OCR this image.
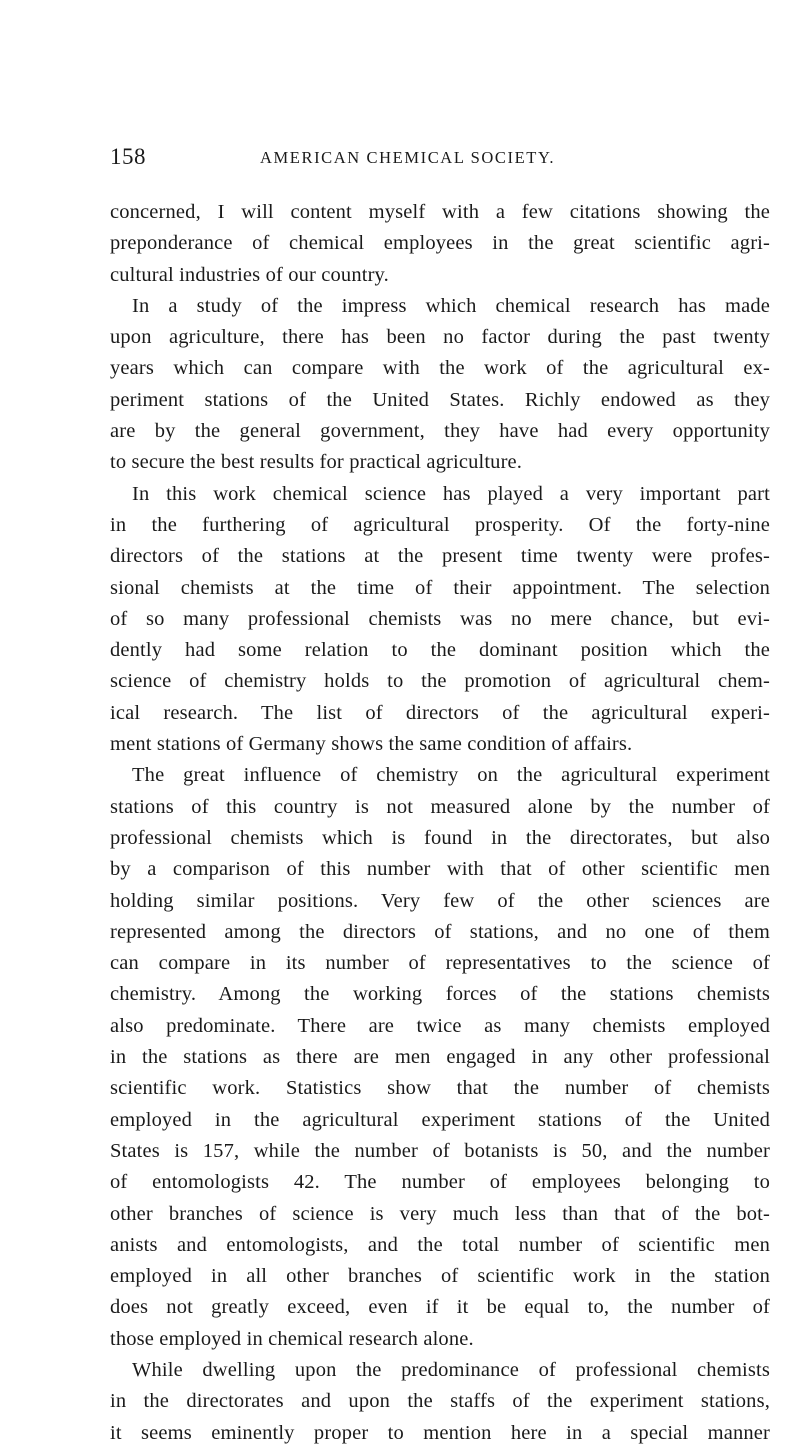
158	AMERICAN CHEMICAL SOCIETY.
concerned, I will content myself with a few citations showing the
preponderance of chemical employees in the great scientific agri-
cultural industries of our country.
In a study of the impress which chemical research has made
upon agriculture, there has been no factor during the past twenty
years which can compare with the work of the agricultural ex-
periment stations of the United States. Richly endowed as they
are by the general government, they have had every opportunity
to secure the best results for practical agriculture.
In this work chemical science has played a very important part
in the furthering of agricultural prosperity. Of the forty-nine
directors of the stations at the present time twenty were profes-
sional chemists at the time of their appointment. The selection
of so many professional chemists was no mere chance, but evi-
dently had some relation to the dominant position which the
science of chemistry holds to the promotion of agricultural chem-
ical research. The list of directors of the agricultural experi-
ment stations of Germany shows the same condition of affairs.
The great influence of chemistry on the agricultural experiment
stations of this country is not measured alone by the number of
professional chemists which is found in the directorates, but also
by a comparison of this number with that of other scientific men
holding similar positions. Very few of the other sciences are
represented among the directors of stations, and no one of them
can compare in its number of representatives to the science of
chemistry. Among the working forces of the stations chemists
also predominate. There are twice as many chemists employed
in the stations as there are men engaged in any other professional
scientific work. Statistics show that the number of chemists
employed in the agricultural experiment stations of the United
States is 157, while the number of botanists is 50, and the number
of entomologists 42. The number of employees belonging to
other branches of science is very much less than that of the bot-
anists and entomologists, and the total number of scientific men
employed in all other branches of scientific work in the station
does not greatly exceed, even if it be equal to, the number of
those employed in chemical research alone.
While dwelling upon the predominance of professional chemists
in the directorates and upon the staffs of the experiment stations,
it seems eminently proper to mention here in a special manner
